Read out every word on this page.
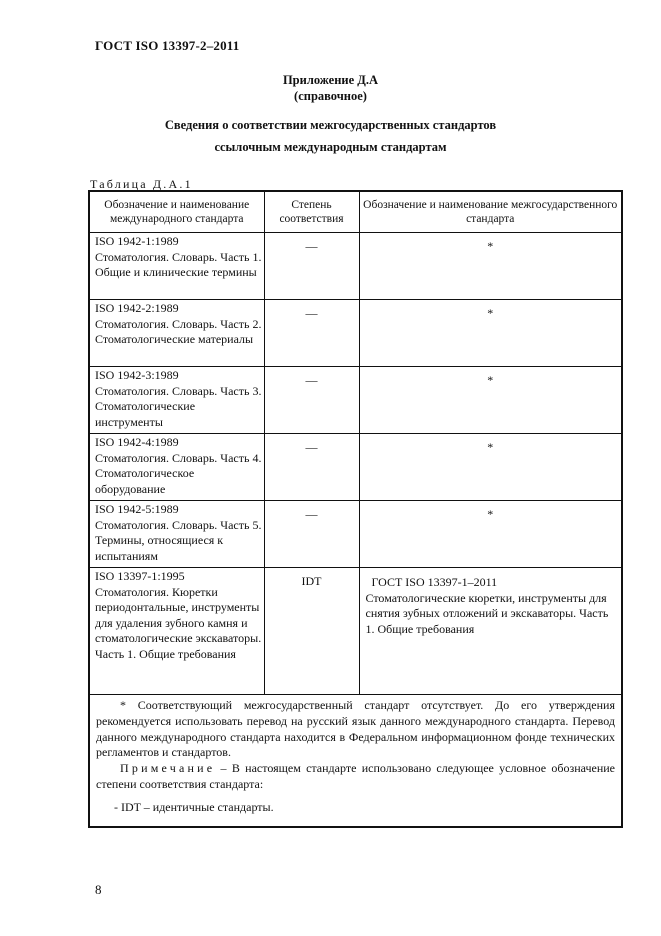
ГОСТ ISO 13397-2–2011
Приложение Д.А
(справочное)
Сведения о соответствии межгосударственных стандартов
ссылочным международным стандартам
Таблица Д.А.1
Обозначение и наименование международного стандарта	Степень соответствия	Обозначение и наименование межгосударственного стандарта

ISO 1942-1:1989
Стоматология. Словарь. Часть 1. Общие и клинические термины	—	*

ISO 1942-2:1989
Стоматология. Словарь. Часть 2. Стоматологические материалы	—	*

ISO 1942-3:1989
Стоматология. Словарь. Часть 3. Стоматологические инструменты	—	*

ISO 1942-4:1989
Стоматология. Словарь. Часть 4. Стоматологическое оборудование	—	*

ISO 1942-5:1989
Стоматология. Словарь. Часть 5. Термины, относящиеся к испытаниям	—	*

ISO 13397-1:1995
Стоматология. Кюретки периодонтальные, инструменты для удаления зубного камня и стоматологические экскаваторы. Часть 1. Общие требования	IDT	ГОСТ ISO 13397-1–2011
Стоматологические кюретки, инструменты для снятия зубных отложений и экскаваторы. Часть 1. Общие требования

* Соответствующий межгосударственный стандарт отсутствует. До его утверждения рекомендуется использовать перевод на русский язык данного международного стандарта. Перевод данного международного стандарта находится в Федеральном информационном фонде технических регламентов и стандартов.

Примечание – В настоящем стандарте использовано следующее условное обозначение степени соответствия стандарта:

- IDT – идентичные стандарты.		

8
